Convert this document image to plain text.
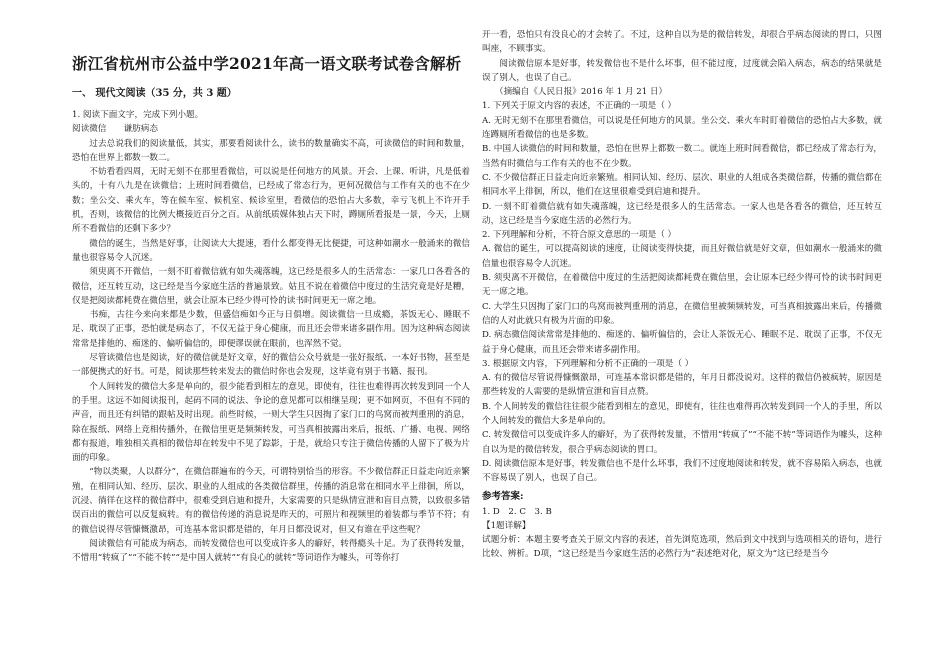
浙江省杭州市公益中学2021年高一语文联考试卷含解析
一、 现代文阅读（35 分，共 3 题）

1. 阅读下面文字，完成下列小题。

阅读微信　　谦肪病态

　　过去总说我们的阅读量低，其实，那要看阅读什么，读书的数量确实不高，可读微信的时间和数量，恐怕在世界上都数一数二。

　　不妨看看四周，无时无刻不在那里看微信，可以说是任何地方的风景。开会、上课、听讲，凡是低着头的，十有八九是在读微信；上班时间看微信，已经成了常态行为，更何况微信与工作有关的也不在少数；坐公交、乘火车，等在候车室、候机室、候诊室里，看微信的恐怕占大多数，幸亏飞机上不许开手机，否则，该微信的比例大概接近百分之百。从前纸质媒体独占天下时，蹲厕所看报是一景，今天，上厕所不看微信的还剩下多少？

　　微信的诞生，当然是好事，让阅读大大提速，看什么都变得无比便捷，可这种如潮水一般涌来的微信量也很容易令人沉迷。

　　须臾离不开微信，一刻不盯着微信就有如失魂落魄，这已经是很多人的生活常态：一家几口各看各的微信，还互转互动，这已经是当今家庭生活的普遍景致。姑且不说在着微信中度过的生活究竟是好是糟，仅是把阅读都耗费在微信里，就会让原本已经少得可怜的读书时间更无一席之地。

　　书痴，古往今来向来都是少数，但盛信痴如今正与日俱增。阅读微信一旦成瘾，茶饭无心、睡眠不足、耽误了正事，恐怕就是病态了，不仅无益于身心健康，而且还会带来诸多副作用。因为这种病态阅读常常是排他的、痴迷的、偏听偏信的，即便谬误就在眼前，也浑然不觉。

　　尽管读微信也是阅读，好的微信就是好文章，好的微信公众号就是一张好报纸、一本好书物，甚至是一部便携式的好书。可是，阅读那些转来发去的微信时你也会发现，这毕竟有别于书籍、报刊。

　　个人间转发的微信大多是单向的，很少能看到相左的意见，即使有，往往也难得再次转发到同一个人的手里。这远不如阅读报刊，起码不同的说法、争论的意见都可以相继呈现；更不如网页，不但有不同的声音，而且还有纠错的跟帖及时出现。前些时候，一则大学生只因掏了家门口的鸟窝而被判重刑的消息，除在报纸、网络上竞相传播外，在微信里更是频频转发，可当真相披露出来后，报纸、广播、电视、网络都有报道，唯独相关真相的微信却在转发中不见了踪影，于是，就给只专注于微信传播的人留下了极为片面的印象。

　　“物以类聚，人以群分”，在微信群遍布的今天，可谓特别恰当的形容。不少微信群正日益走向近亲繁殖，在相同认知、经历、层次、职业的人组成的各类微信群里，传播的消息常在相同水平上徘徊，所以，沉浸、徜徉在这样的微信群中，很难受到启迪和提升，大家需要的只是纵情宣泄和盲目点赞，以致很多错误百出的微信可以反复疯转。有的微信传递的消息说是昨天的，可照片和视频里的着装都与季节不符；有的微信说得尽管慷慨激昂，可连基本常识都是错的，年月日都没说对，但又有谁在乎这些呢？

　　阅读微信有可能成为病态，而转发微信也可以变成许多人的癖好，转得瘾头十足。为了获得转发量，不惜用“转疯了”“不能不转”“是中国人就转”“有良心的就转”等词语作为噱头，可等你打

开一看，恐怕只有没良心的才会转了。不过，这种自以为是的微信转发，却很合乎病态阅读的胃口，只图叫座，不顾事实。

　　阅读微信原本是好事，转发微信也不是什么坏事，但不能过度，过度就会陷入病态，病态的结果就是误了别人，也误了自己。

　　（摘编自《人民日报》2016 年 1 月 21 日）

1. 下列关于原文内容的表述，不正确的一项是（ ）

A. 无时无刻不在那里看微信，可以说是任何地方的风景。坐公交、乘火车时盯着微信的恐怕占大多数，就连蹲厕所看微信的也是多数。

B. 中国人读微信的时间和数量，恐怕在世界上都数一数二。就连上班时间看微信，都已经成了常态行为，当然有时微信与工作有关的也不在少数。

C. 不少微信群正日益走向近亲繁殖。相同认知、经历、层次、职业的人组成各类微信群，传播的微信都在相同水平上徘徊，所以，他们在这里很难受到启迪和提升。

D. 一刻不盯着微信就有如失魂落魄，这已经是很多人的生活常态。一家人也是各看各的微信，还互转互动，这已经是当今家庭生活的必然行为。

2. 下列理解和分析，不符合原文意思的一项是（ ）

A. 微信的诞生，可以提高阅读的速度，让阅读变得快捷，而且好微信就是好文章，但如潮水一般涌来的微信量也很容易令人沉迷。

B. 须臾离不开微信，在着微信中度过的生活把阅读都耗费在微信里，会让原本已经少得可怜的读书时间更无一席之地。

C. 大学生只因掏了家门口的鸟窝而被判重刑的消息，在微信里被频频转发，可当真相披露出来后，传播微信的人对此就只有极为片面的印象。

D. 病态微信阅读常常是排他的、痴迷的、偏听偏信的，会让人茶饭无心、睡眠不足、耽误了正事，不仅无益于身心健康，而且还会带来诸多副作用。

3. 根据原文内容，下列理解和分析不正确的一项是（ ）

A. 有的微信尽管说得慷慨激昂，可连基本常识都是错的，年月日都没说对。这样的微信仍被疯转，原因是那些转发的人需要的是纵情宣泄和盲目点赞。

B. 个人间转发的微信往往很少能看到相左的意见，即使有，往往也难得再次转发到同一个人的手里，所以个人间转发的微信大多是单向的。

C. 转发微信可以变成许多人的癖好，为了获得转发量，不惜用“转疯了”“不能不转”等词语作为噱头，这种自以为是的微信转发，很合乎病态阅读的胃口。

D. 阅读微信原本是好事，转发微信也不是什么坏事，我们不过度地阅读和转发，就不容易陷入病态，也就不容易误了别人，也误了自己。

参考答案:

1. D　2. C　3. B

【1题详解】

试题分析：本题主要考查关于原文内容的表述，首先浏览选项，然后到文中找到与选项相关的语句，进行比较、辨析。D项，“这已经是当今家庭生活的必然行为”表述绝对化，原文为“这已经是当今
